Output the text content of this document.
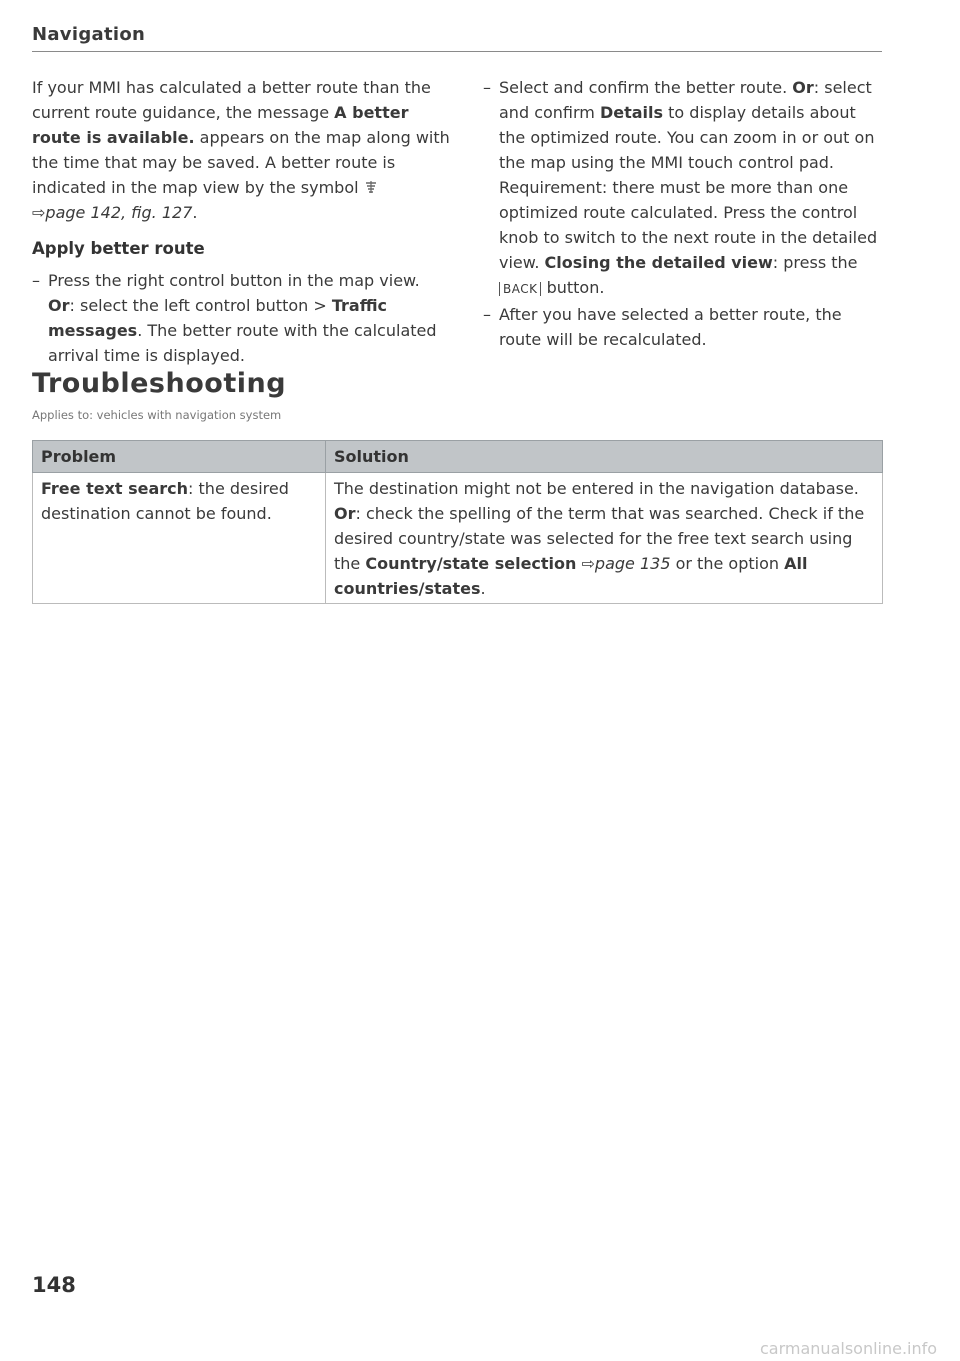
Navigation

If your MMI has calculated a better route than the current route guidance, the message A better route is available. appears on the map along with the time that may be saved. A better route is indicated in the map view by the symbol
⇨page 142, fig. 127.

Apply better route

– Press the right control button in the map view.
Or: select the left control button > Traffic messages. The better route with the calculated arrival time is displayed.

– Select and confirm the better route. Or: select and confirm Details to display details about the optimized route. You can zoom in or out on the map using the MMI touch control pad. Requirement: there must be more than one optimized route calculated. Press the control knob to switch to the next route in the detailed view. Closing the detailed view: press the BACK button.

– After you have selected a better route, the route will be recalculated.

Troubleshooting
Applies to: vehicles with navigation system
Problem	Solution
Free text search: the desired destination cannot be found.	The destination might not be entered in the navigation database. Or: check the spelling of the term that was searched. Check if the desired country/state was selected for the free text search using the Country/state selection ⇨page 135 or the option All countries/states.
148
carmanualsonline.info
